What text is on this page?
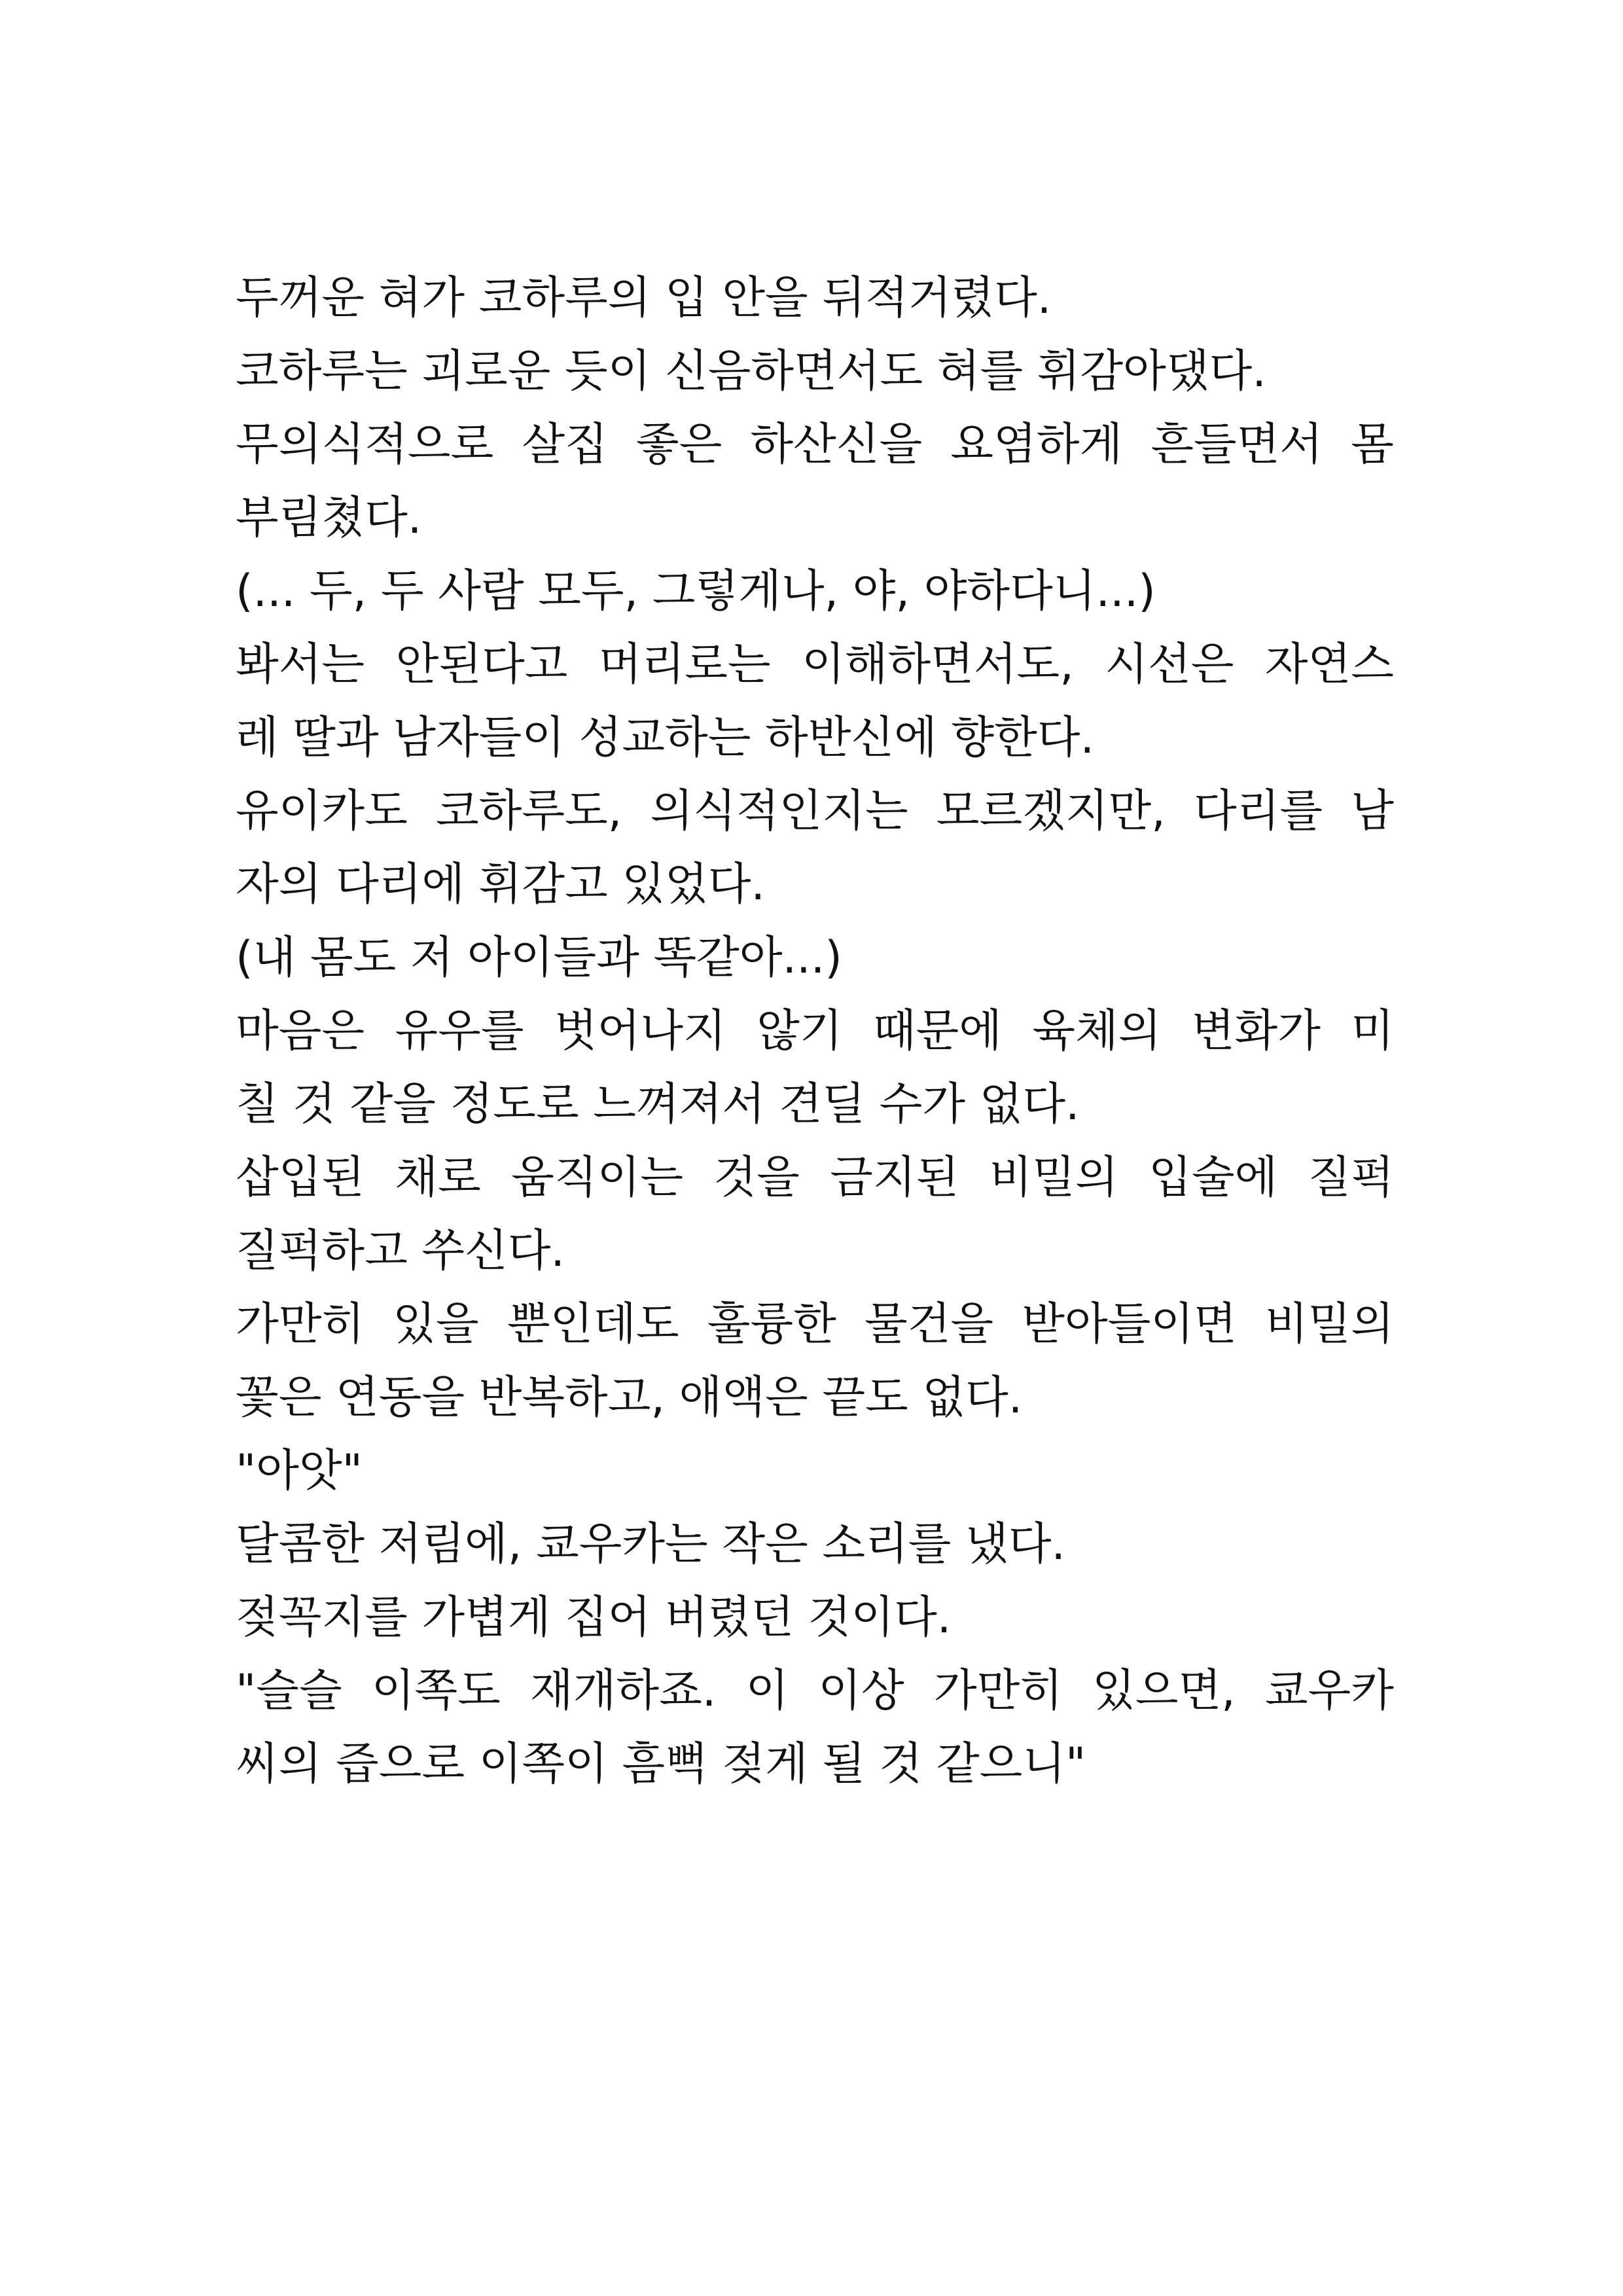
두꺼운 혀가 코하루의 입 안을 뒤적거렸다.
코하루는 괴로운 듯이 신음하면서도 혀를 휘감아댔다.
무의식적으로 살집 좋은 하산신을 요염하게 흔들면서 몸
부림쳤다.
(... 두, 두 사람 모두, 그렇게나, 야, 야하다니...)
봐서는 안된다고 머리로는 이해하면서도, 시선은 자연스
레 딸과 남자들이 성교하는 하반신에 향한다.
유이카도 코하루도, 의식적인지는 모르겠지만, 다리를 남
자의 다리에 휘감고 있었다.
(내 몸도 저 아이들과 똑같아...)
마음은 유우를 벗어나지 않기 때문에 육체의 변화가 미
칠 것 같을 정도로 느껴져서 견딜 수가 없다.
삽입된 채로 움직이는 것을 금지된 비밀의 입술에 질퍽
질퍽하고 쑤신다.
가만히 있을 뿐인데도 훌륭한 물건을 받아들이면 비밀의
꽃은 연동을 반복하고, 애액은 끝도 없다.
"아앗"
달콤한 저림에, 쿄우카는 작은 소리를 냈다.
젖꼭지를 가볍게 집어 버렸던 것이다.
"슬슬 이쪽도 재개하죠. 이 이상 가만히 있으면, 쿄우카
씨의 즙으로 이쪽이 흠뻑 젖게 될 것 같으니"
